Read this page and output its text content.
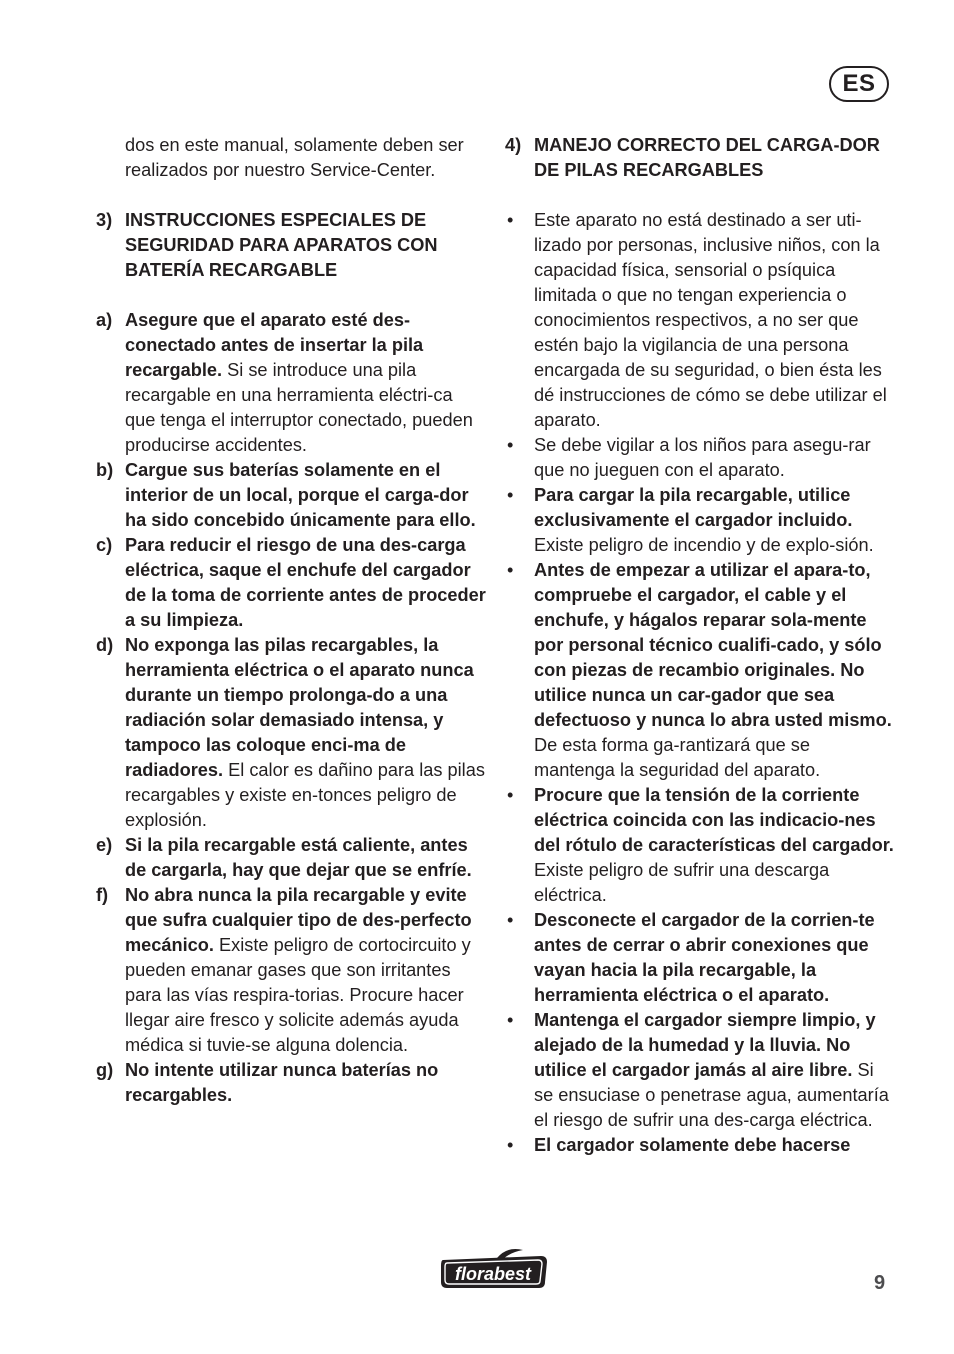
ES

dos en este manual, solamente deben ser realizados por nuestro Service-Center.

3) INSTRUCCIONES ESPECIALES DE SEGURIDAD PARA APARATOS CON BATERÍA RECARGABLE
a) Asegure que el aparato esté des-conectado antes de insertar la pila recargable. Si se introduce una pila recargable en una herramienta eléctri-ca que tenga el interruptor conectado, pueden producirse accidentes.
b) Cargue sus baterías solamente en el interior de un local, porque el carga-dor ha sido concebido únicamente para ello.
c) Para reducir el riesgo de una des-carga eléctrica, saque el enchufe del cargador de la toma de corriente antes de proceder a su limpieza.
d) No exponga las pilas recargables, la herramienta eléctrica o el aparato nunca durante un tiempo prolonga-do a una radiación solar demasiado intensa, y tampoco las coloque enci-ma de radiadores. El calor es dañino para las pilas recargables y existe en-tonces peligro de explosión.
e) Si la pila recargable está caliente, antes de cargarla, hay que dejar que se enfríe.
f) No abra nunca la pila recargable y evite que sufra cualquier tipo de des-perfecto mecánico. Existe peligro de cortocircuito y pueden emanar gases que son irritantes para las vías respira-torias. Procure hacer llegar aire fresco y solicite además ayuda médica si tuvie-se alguna dolencia.
g) No intente utilizar nunca baterías no recargables.
4) MANEJO CORRECTO DEL CARGA-DOR DE PILAS RECARGABLES
• Este aparato no está destinado a ser uti-lizado por personas, inclusive niños, con la capacidad física, sensorial o psíquica limitada o que no tengan experiencia o conocimientos respectivos, a no ser que estén bajo la vigilancia de una persona encargada de su seguridad, o bien ésta les dé instrucciones de cómo se debe utilizar el aparato.
• Se debe vigilar a los niños para asegu-rar que no jueguen con el aparato.
• Para cargar la pila recargable, utilice exclusivamente el cargador incluido. Existe peligro de incendio y de explo-sión.
• Antes de empezar a utilizar el apara-to, compruebe el cargador, el cable y el enchufe, y hágalos reparar sola-mente por personal técnico cualifi-cado, y sólo con piezas de recambio originales. No utilice nunca un car-gador que sea defectuoso y nunca lo abra usted mismo. De esta forma ga-rantizará que se mantenga la seguridad del aparato.
• Procure que la tensión de la corriente eléctrica coincida con las indicacio-nes del rótulo de características del cargador. Existe peligro de sufrir una descarga eléctrica.
• Desconecte el cargador de la corrien-te antes de cerrar o abrir conexiones que vayan hacia la pila recargable, la herramienta eléctrica o el aparato.
• Mantenga el cargador siempre limpio, y alejado de la humedad y la lluvia. No utilice el cargador jamás al aire libre. Si se ensuciase o penetrase agua, aumentaría el riesgo de sufrir una des-carga eléctrica.
• El cargador solamente debe hacerse
florabest	9
